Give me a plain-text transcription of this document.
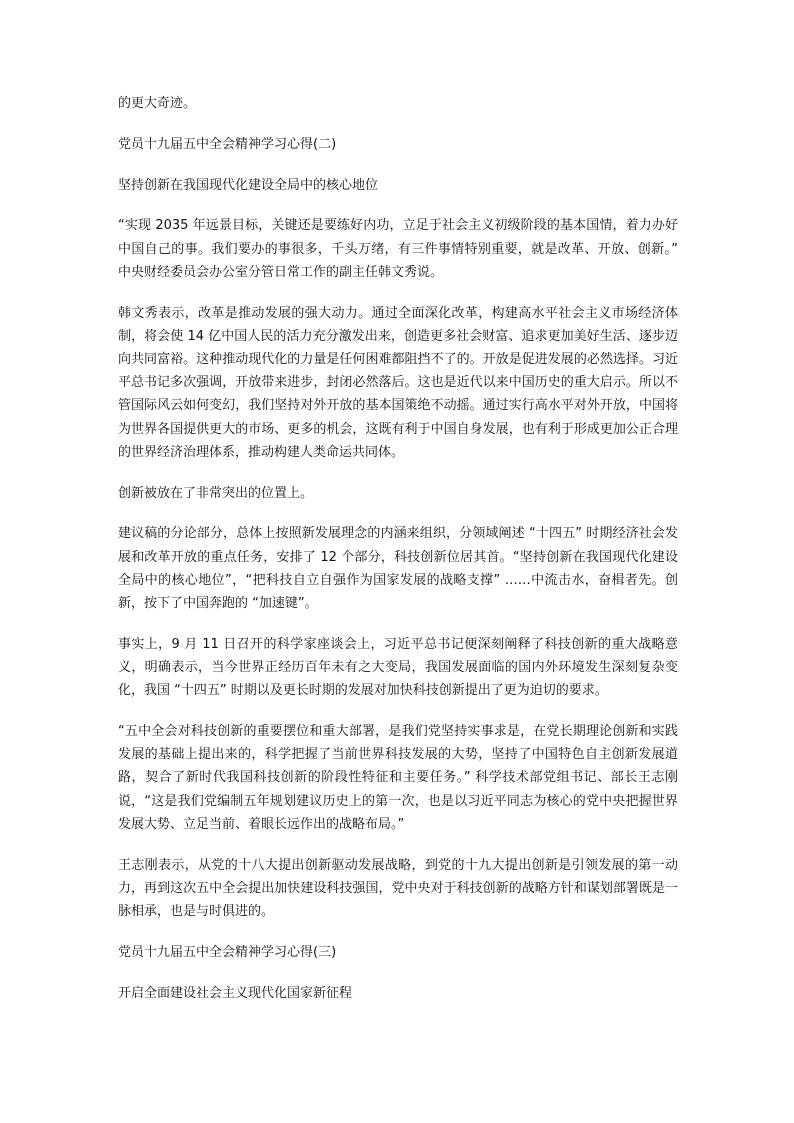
的更大奇迹。

党员十九届五中全会精神学习心得(二)

坚持创新在我国现代化建设全局中的核心地位

“实现 2035 年远景目标，关键还是要练好内功，立足于社会主义初级阶段的基本国情，着力办好中国自己的事。我们要办的事很多，千头万绪，有三件事情特别重要，就是改革、开放、创新。” 中央财经委员会办公室分管日常工作的副主任韩文秀说。

韩文秀表示，改革是推动发展的强大动力。通过全面深化改革，构建高水平社会主义市场经济体制，将会使 14 亿中国人民的活力充分激发出来，创造更多社会财富、追求更加美好生活、逐步迈向共同富裕。这种推动现代化的力量是任何困难都阻挡不了的。开放是促进发展的必然选择。习近平总书记多次强调，开放带来进步，封闭必然落后。这也是近代以来中国历史的重大启示。所以不管国际风云如何变幻，我们坚持对外开放的基本国策绝不动摇。通过实行高水平对外开放，中国将为世界各国提供更大的市场、更多的机会，这既有利于中国自身发展，也有利于形成更加公正合理的世界经济治理体系，推动构建人类命运共同体。

创新被放在了非常突出的位置上。

建议稿的分论部分，总体上按照新发展理念的内涵来组织，分领域阐述 “十四五” 时期经济社会发展和改革开放的重点任务，安排了 12 个部分，科技创新位居其首。“坚持创新在我国现代化建设全局中的核心地位”，“把科技自立自强作为国家发展的战略支撑” ……中流击水，奋楫者先。创新，按下了中国奔跑的 “加速键”。

事实上，9 月 11 日召开的科学家座谈会上，习近平总书记便深刻阐释了科技创新的重大战略意义，明确表示，当今世界正经历百年未有之大变局，我国发展面临的国内外环境发生深刻复杂变化，我国 “十四五” 时期以及更长时期的发展对加快科技创新提出了更为迫切的要求。

“五中全会对科技创新的重要摆位和重大部署，是我们党坚持实事求是，在党长期理论创新和实践发展的基础上提出来的，科学把握了当前世界科技发展的大势，坚持了中国特色自主创新发展道路，契合了新时代我国科技创新的阶段性特征和主要任务。” 科学技术部党组书记、部长王志刚说，“这是我们党编制五年规划建议历史上的第一次，也是以习近平同志为核心的党中央把握世界发展大势、立足当前、着眼长远作出的战略布局。”

王志刚表示，从党的十八大提出创新驱动发展战略，到党的十九大提出创新是引领发展的第一动力，再到这次五中全会提出加快建设科技强国，党中央对于科技创新的战略方针和谋划部署既是一脉相承，也是与时俱进的。

党员十九届五中全会精神学习心得(三)

开启全面建设社会主义现代化国家新征程
